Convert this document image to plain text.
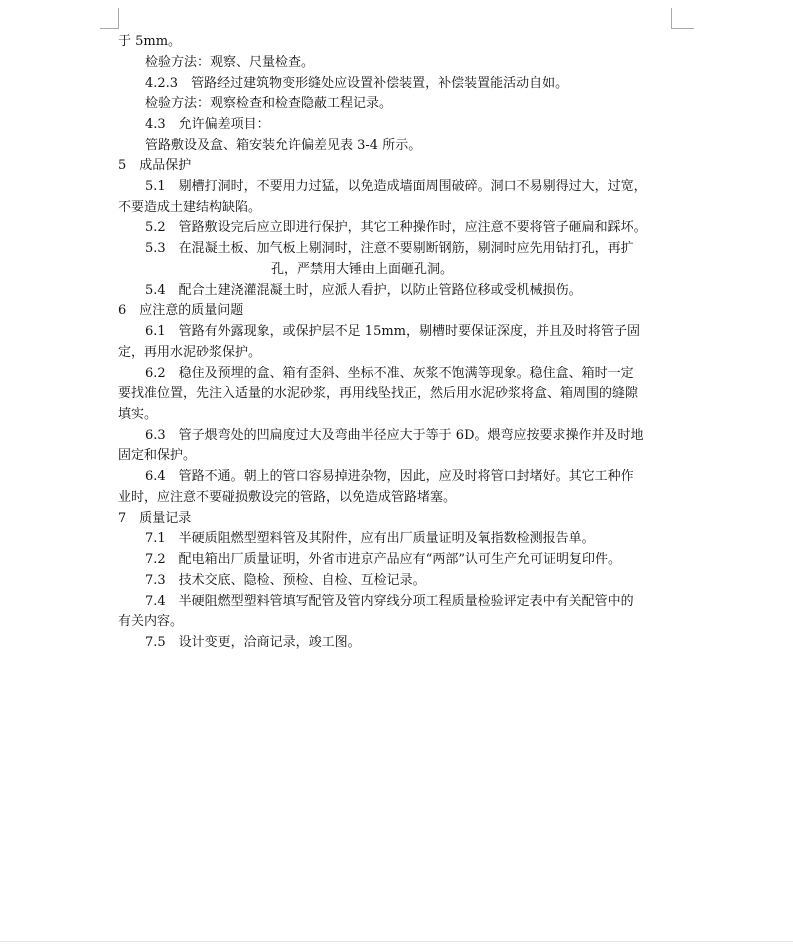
于 5mm。
检验方法：观察、尺量检查。
4.2.3　管路经过建筑物变形缝处应设置补偿装置，补偿装置能活动自如。
检验方法：观察检查和检查隐蔽工程记录。
4.3　允许偏差项目：
管路敷设及盒、箱安装允许偏差见表 3-4 所示。
5　成品保护
5.1　剔槽打洞时，不要用力过猛，以免造成墙面周围破碎。洞口不易剔得过大，过宽，
不要造成土建结构缺陷。
5.2　管路敷设完后应立即进行保护，其它工种操作时，应注意不要将管子砸扁和踩坏。
5.3　在混凝土板、加气板上剔洞时，注意不要剔断钢筋，剔洞时应先用钻打孔，再扩
孔，严禁用大锤由上面砸孔洞。
5.4　配合土建浇灌混凝土时，应派人看护，以防止管路位移或受机械损伤。
6　应注意的质量问题
6.1　管路有外露现象，或保护层不足 15mm，剔槽时要保证深度，并且及时将管子固
定，再用水泥砂浆保护。
6.2　稳住及预埋的盒、箱有歪斜、坐标不准、灰浆不饱满等现象。稳住盒、箱时一定
要找准位置，先注入适量的水泥砂浆，再用线坠找正，然后用水泥砂浆将盒、箱周围的缝隙
填实。
6.3　管子煨弯处的凹扁度过大及弯曲半径应大于等于 6D。煨弯应按要求操作并及时地
固定和保护。
6.4　管路不通。朝上的管口容易掉进杂物，因此，应及时将管口封堵好。其它工种作
业时，应注意不要碰损敷设完的管路，以免造成管路堵塞。
7　质量记录
7.1　半硬质阻燃型塑料管及其附件，应有出厂质量证明及氧指数检测报告单。
7.2　配电箱出厂质量证明，外省市进京产品应有“两部”认可生产允可证明复印件。
7.3　技术交底、隐检、预检、自检、互检记录。
7.4　半硬阻燃型塑料管填写配管及管内穿线分项工程质量检验评定表中有关配管中的
有关内容。
7.5　设计变更，洽商记录，竣工图。
